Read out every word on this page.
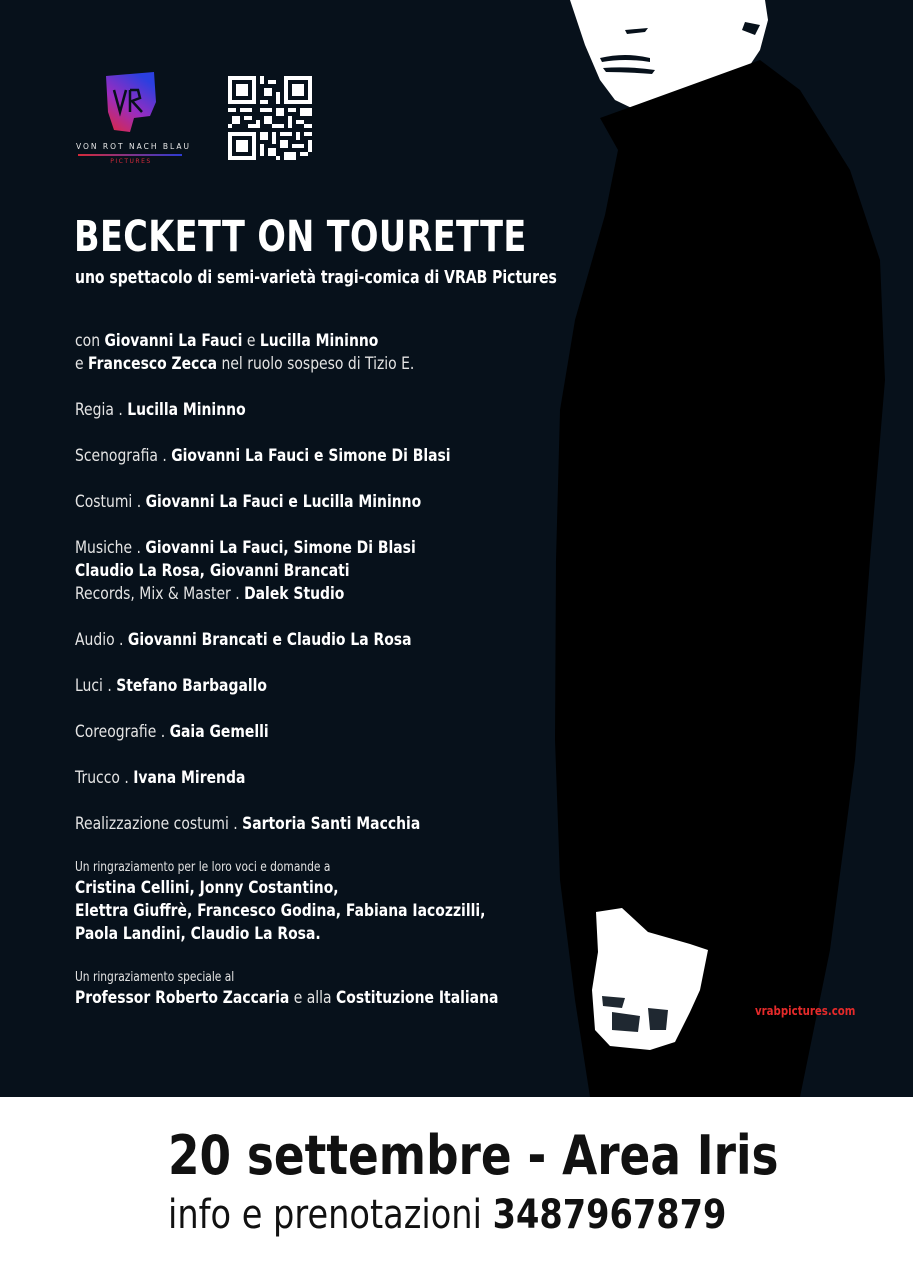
VON ROT NACH BLAU
PICTURES
BECKETT ON TOURETTE

uno spettacolo di semi-varietà tragi-comica di VRAB Pictures

con Giovanni La Fauci e Lucilla Mininno
e Francesco Zecca nel ruolo sospeso di Tizio E.
Regia . Lucilla Mininno
Scenografia . Giovanni La Fauci e Simone Di Blasi
Costumi . Giovanni La Fauci e Lucilla Mininno
Musiche . Giovanni La Fauci, Simone Di Blasi
Claudio La Rosa, Giovanni Brancati
Records, Mix & Master . Dalek Studio
Audio . Giovanni Brancati e Claudio La Rosa
Luci . Stefano Barbagallo
Coreografie . Gaia Gemelli
Trucco . Ivana Mirenda
Realizzazione costumi . Sartoria Santi Macchia
Un ringraziamento per le loro voci e domande a
Cristina Cellini, Jonny Costantino,
Elettra Giuffrè, Francesco Godina, Fabiana Iacozzilli,
Paola Landini, Claudio La Rosa.
Un ringraziamento speciale al
Professor Roberto Zaccaria e alla Costituzione Italiana
vrabpictures.com

20 settembre - Area Iris

info e prenotazioni 3487967879
